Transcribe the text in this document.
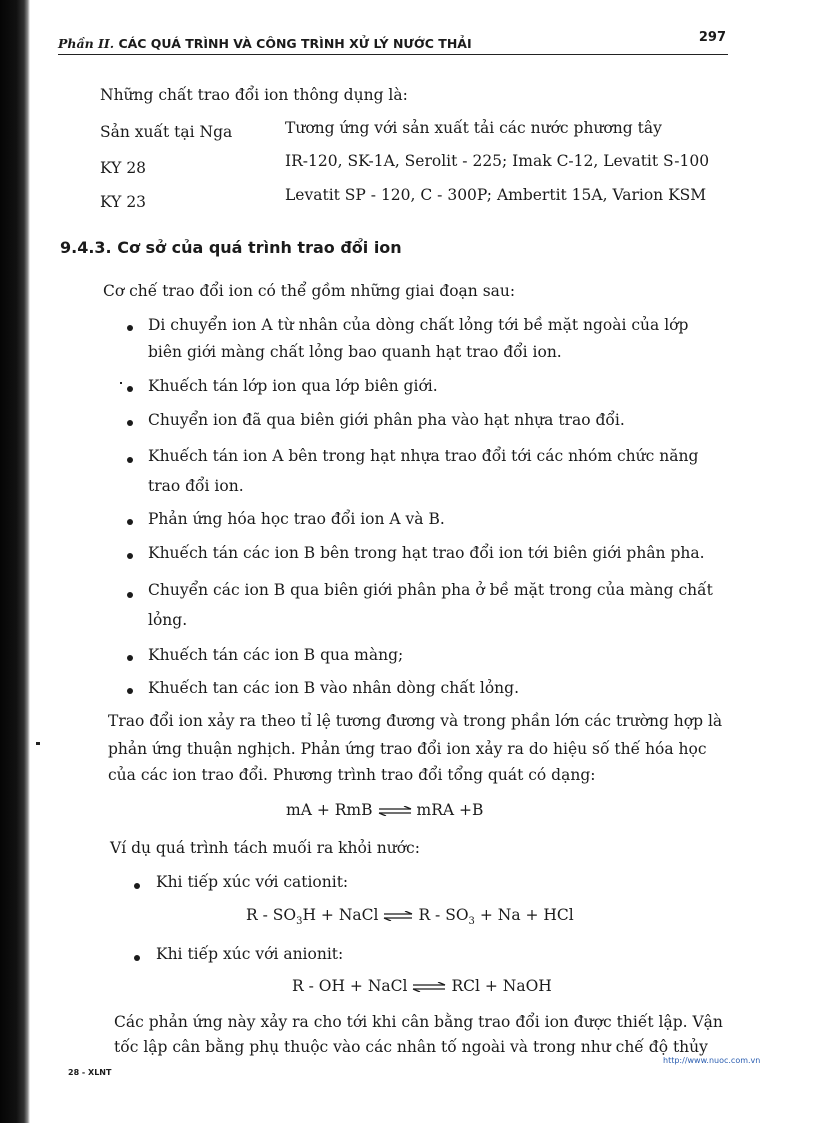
Phần II. CÁC QUÁ TRÌNH VÀ CÔNG TRÌNH XỬ LÝ NƯỚC THẢI	297
Những chất trao đổi ion thông dụng là:
Sản xuất tại Nga	Tương ứng với sản xuất tải các nước phương tây
KY 28	IR-120, SK-1A, Serolit - 225; Imak C-12, Levatit S-100
KY 23	Levatit SP - 120, C - 300P; Ambertit 15A, Varion KSM
9.4.3. Cơ sở của quá trình trao đổi ion
Cơ chế trao đổi ion có thể gồm những giai đoạn sau:
Di chuyển ion A từ nhân của dòng chất lỏng tới bề mặt ngoài của lớp
biên giới màng chất lỏng bao quanh hạt trao đổi ion.
Khuếch tán lớp ion qua lớp biên giới.
Chuyển ion đã qua biên giới phân pha vào hạt nhựa trao đổi.
Khuếch tán ion A bên trong hạt nhựa trao đổi tới các nhóm chức năng
trao đổi ion.
Phản ứng hóa học trao đổi ion A và B.
Khuếch tán các ion B bên trong hạt trao đổi ion tới biên giới phân pha.
Chuyển các ion B qua biên giới phân pha ở bề mặt trong của màng chất
lỏng.
Khuếch tán các ion B qua màng;
Khuếch tan các ion B vào nhân dòng chất lỏng.
Trao đổi ion xảy ra theo tỉ lệ tương đương và trong phần lớn các trường hợp là
phản ứng thuận nghịch. Phản ứng trao đổi ion xảy ra do hiệu số thế hóa học
của các ion trao đổi. Phương trình trao đổi tổng quát có dạng:
mA + RmB ⇌ mRA +B
Ví dụ quá trình tách muối ra khỏi nước:
Khi tiếp xúc với cationit:
R - $SO_3H$ + NaCl ⇌ $R - SO_3 + Na$ + HCl
Khi tiếp xúc với anionit:
R - OH + NaCl ⇌ RCl + NaOH
Các phản ứng này xảy ra cho tới khi cân bằng trao đổi ion được thiết lập. Vận
tốc lập cân bằng phụ thuộc vào các nhân tố ngoài và trong như chế độ thủy
28 - XLNT
http://www.nuoc.com.vn
